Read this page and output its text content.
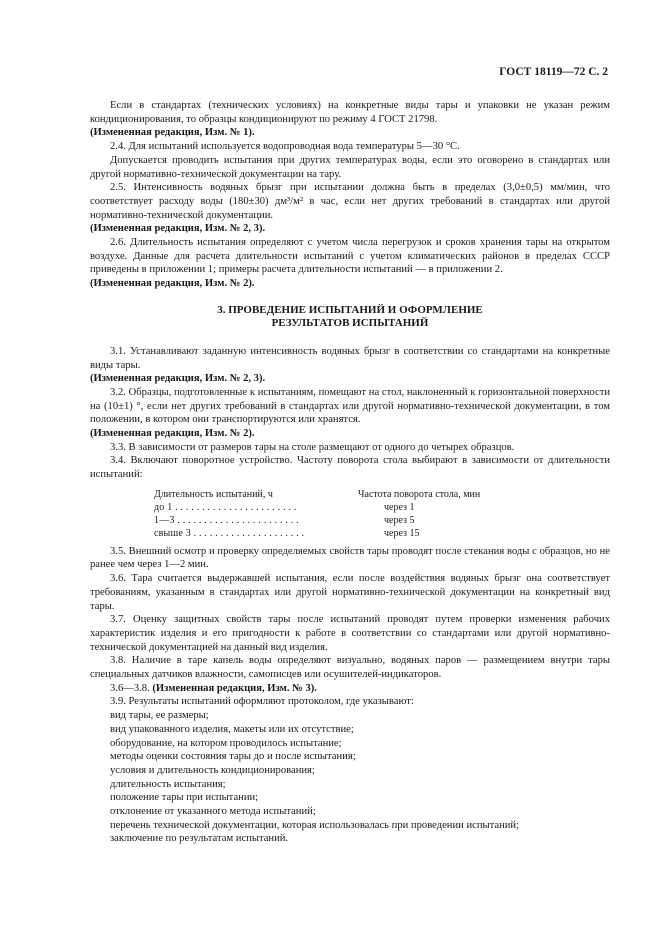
ГОСТ 18119—72 С. 2

Если в стандартах (технических условиях) на конкретные виды тары и упаковки не указан режим кондиционирования, то образцы кондиционируют по режиму 4 ГОСТ 21798.

(Измененная редакция, Изм. № 1).

2.4. Для испытаний используется водопроводная вода температуры 5—30 °С.

Допускается проводить испытания при других температурах воды, если это оговорено в стандартах или другой нормативно-технической документации на тару.

2.5. Интенсивность водяных брызг при испытании должна быть в пределах (3,0±0,5) мм/мин, что соответствует расходу воды (180±30) дм³/м² в час, если нет других требований в стандартах или другой нормативно-технической документации.

(Измененная редакция, Изм. № 2, 3).

2.6. Длительность испытания определяют с учетом числа перегрузок и сроков хранения тары на открытом воздухе. Данные для расчета длительности испытаний с учетом климатических районов в пределах СССР приведены в приложении 1; примеры расчета длительности испытаний — в приложении 2.

(Измененная редакция, Изм. № 2).

3. ПРОВЕДЕНИЕ ИСПЫТАНИЙ И ОФОРМЛЕНИЕ
РЕЗУЛЬТАТОВ ИСПЫТАНИЙ

3.1. Устанавливают заданную интенсивность водяных брызг в соответствии со стандартами на конкретные виды тары.

(Измененная редакция, Изм. № 2, 3).

3.2. Образцы, подготовленные к испытаниям, помещают на стол, наклоненный к горизонтальной поверхности на (10±1) °, если нет других требований в стандартах или другой нормативно-технической документации, в том положении, в котором они транспортируются или хранятся.

(Измененная редакция, Изм. № 2).

3.3. В зависимости от размеров тары на столе размещают от одного до четырех образцов.

3.4. Включают поворотное устройство. Частоту поворота стола выбирают в зависимости от длительности испытаний:

Длительность испытаний, ч	Частота поворота стола, мин
до 1 . . . . . . . . . . . . . . . . . . . . . . .	через 1
1—3 . . . . . . . . . . . . . . . . . . . . . . .	через 5
свыше 3 . . . . . . . . . . . . . . . . . . . . .	через 15

3.5. Внешний осмотр и проверку определяемых свойств тары проводят после стекания воды с образцов, но не ранее чем через 1—2 мин.

3.6. Тара считается выдержавшей испытания, если после воздействия водяных брызг она соответствует требованиям, указанным в стандартах или другой нормативно-технической документации на конкретный вид тары.

3.7. Оценку защитных свойств тары после испытаний проводят путем проверки изменения рабочих характеристик изделия и его пригодности к работе в соответствии со стандартами или другой нормативно-технической документацией на данный вид изделия.

3.8. Наличие в таре капель воды определяют визуально, водяных паров — размещением внутри тары специальных датчиков влажности, самописцев или осушителей-индикаторов.

3.6—3.8. (Измененная редакция, Изм. № 3).

3.9. Результаты испытаний оформляют протоколом, где указывают:

вид тары, ее размеры;

вид упакованного изделия, макеты или их отсутствие;

оборудование, на котором проводилось испытание;

методы оценки состояния тары до и после испытания;

условия и длительность кондиционирования;

длительность испытания;

положение тары при испытании;

отклонение от указанного метода испытаний;

перечень технической документации, которая использовалась при проведении испытаний;

заключение по результатам испытаний.
